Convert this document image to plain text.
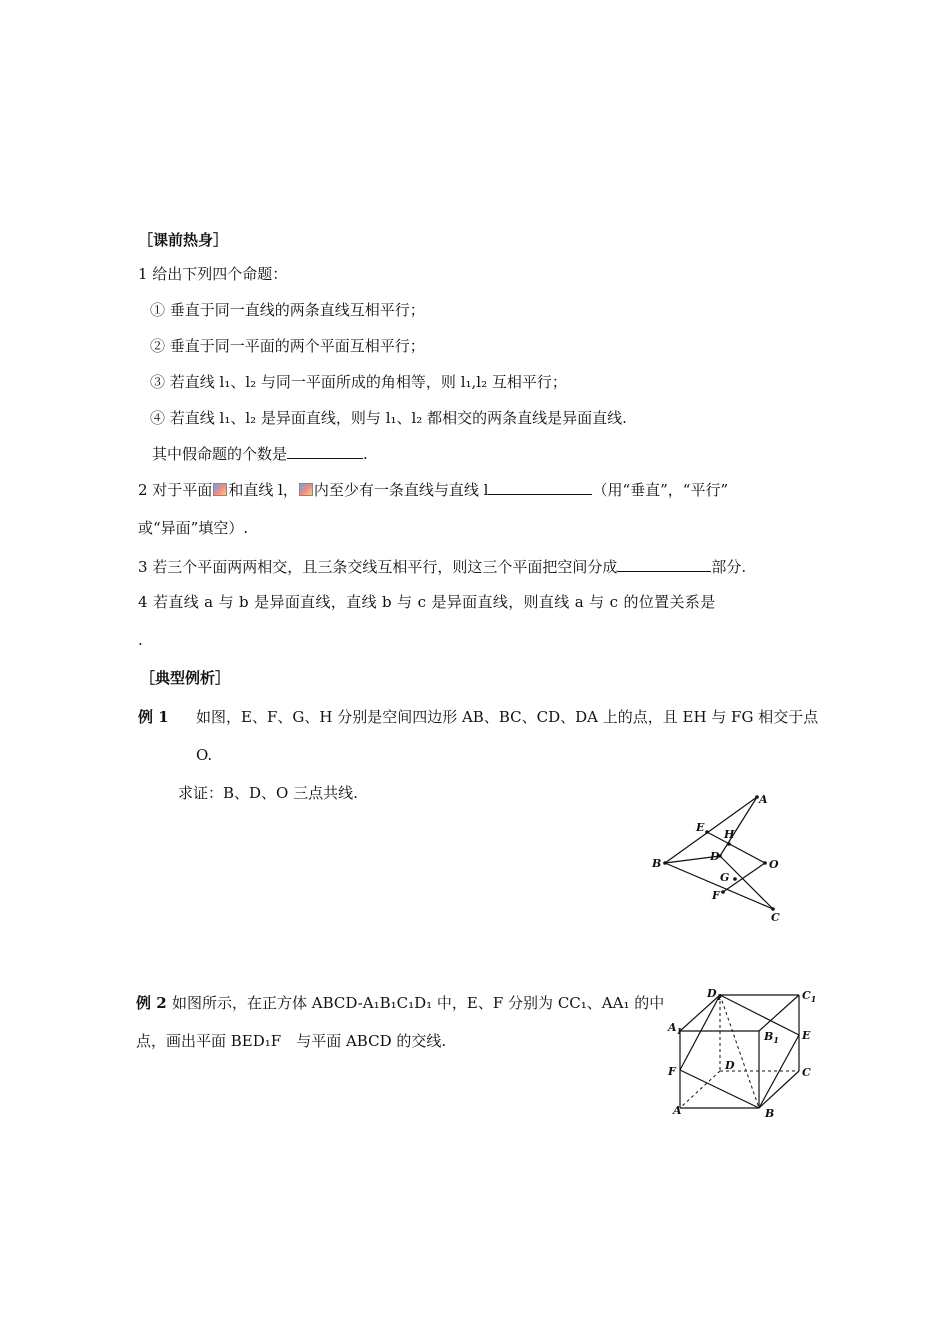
［课前热身］
1 给出下列四个命题：
① 垂直于同一直线的两条直线互相平行；
② 垂直于同一平面的两个平面互相平行；
③ 若直线 l₁、l₂ 与同一平面所成的角相等，则 l₁,l₂ 互相平行；
④ 若直线 l₁、l₂ 是异面直线，则与 l₁、l₂ 都相交的两条直线是异面直线.
其中假命题的个数是	.
2 对于平面 和直线 l， 内至少有一条直线与直线 l	（用“垂直”，“平行”
或“异面”填空）.
3 若三个平面两两相交，且三条交线互相平行，则这三个平面把空间分成	部分.
4 若直线 a 与 b 是异面直线，直线 b 与 c 是异面直线，则直线 a 与 c 的位置关系是
.
［典型例析］
例 1 如图，E、F、G、H 分别是空间四边形 AB、BC、CD、DA 上的点，且 EH 与 FG 相交于点
O.
求证：B、D、O 三点共线.	A
E
H
B
D
O
G
F
C
例 2 如图所示，在正方体 ABCD-A₁B₁C₁D₁ 中，E、F 分别为 CC₁、AA₁ 的中
点，画出平面 BED₁F　与平面 ABCD 的交线.
$D_1$	$C_1$
$A_1$	$B_1$ E
D
F	C
A	B
